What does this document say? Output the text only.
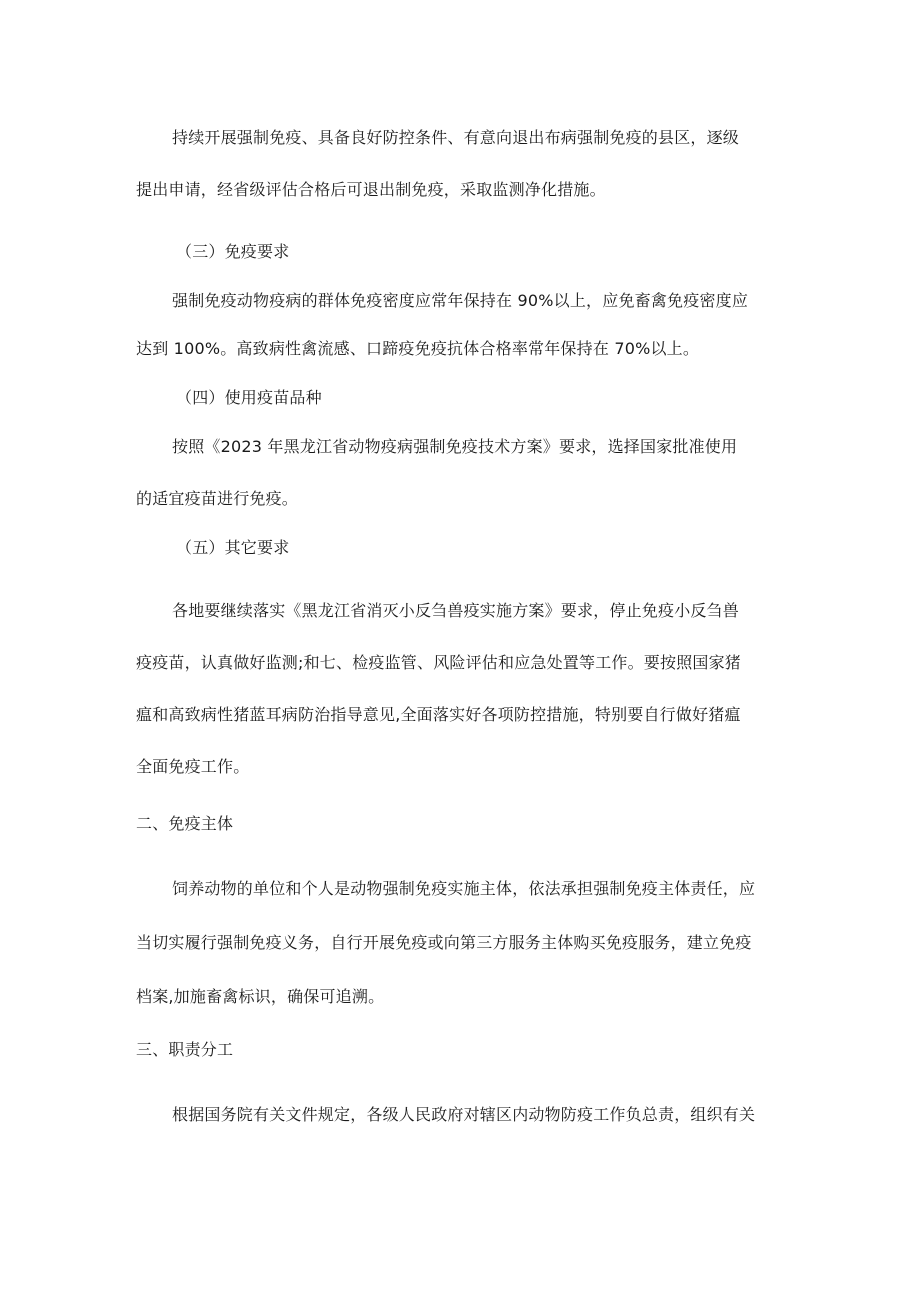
持续开展强制免疫、具备良好防控条件、有意向退出布病强制免疫的县区，逐级
提出申请，经省级评估合格后可退出制免疫，采取监测净化措施。
（三）免疫要求
强制免疫动物疫病的群体免疫密度应常年保持在 90%以上，应免畜禽免疫密度应
达到 100%。高致病性禽流感、口蹄疫免疫抗体合格率常年保持在 70%以上。
（四）使用疫苗品种
按照《2023 年黑龙江省动物疫病强制免疫技术方案》要求，选择国家批准使用
的适宜疫苗进行免疫。
（五）其它要求
各地要继续落实《黑龙江省消灭小反刍兽疫实施方案》要求，停止免疫小反刍兽
疫疫苗，认真做好监测;和七、检疫监管、风险评估和应急处置等工作。要按照国家猪
瘟和高致病性猪蓝耳病防治指导意见,全面落实好各项防控措施，特别要自行做好猪瘟
全面免疫工作。
二、免疫主体
饲养动物的单位和个人是动物强制免疫实施主体，依法承担强制免疫主体责任，应
当切实履行强制免疫义务，自行开展免疫或向第三方服务主体购买免疫服务，建立免疫
档案,加施畜禽标识，确保可追溯。
三、职责分工
根据国务院有关文件规定，各级人民政府对辖区内动物防疫工作负总责，组织有关
